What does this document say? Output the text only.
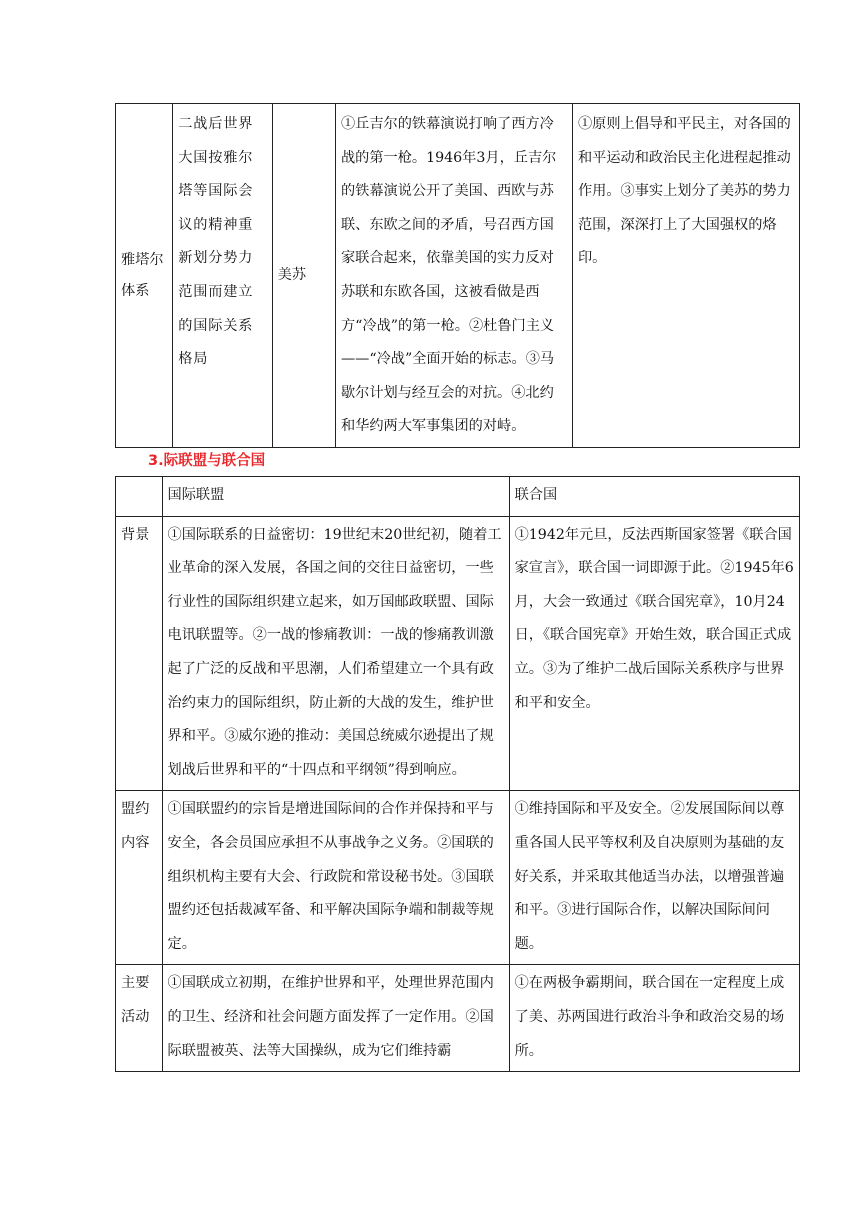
雅塔尔体系	二战后世界大国按雅尔塔等国际会议的精神重新划分势力范围而建立的国际关系格局	美苏	①丘吉尔的铁幕演说打响了西方冷战的第一枪。1946年3月，丘吉尔的铁幕演说公开了美国、西欧与苏联、东欧之间的矛盾，号召西方国家联合起来，依靠美国的实力反对苏联和东欧各国，这被看做是西方“冷战”的第一枪。②杜鲁门主义——“冷战”全面开始的标志。③马歇尔计划与经互会的对抗。④北约和华约两大军事集团的对峙。	①原则上倡导和平民主，对各国的和平运动和政治民主化进程起推动作用。③事实上划分了美苏的势力范围，深深打上了大国强权的烙印。
3.际联盟与联合国
	国际联盟	联合国
背景	①国际联系的日益密切：19世纪末20世纪初，随着工业革命的深入发展，各国之间的交往日益密切，一些行业性的国际组织建立起来，如万国邮政联盟、国际电讯联盟等。②一战的惨痛教训：一战的惨痛教训激起了广泛的反战和平思潮，人们希望建立一个具有政治约束力的国际组织，防止新的大战的发生，维护世界和平。③威尔逊的推动：美国总统威尔逊提出了规划战后世界和平的“十四点和平纲领”得到响应。	①1942年元旦，反法西斯国家签署《联合国家宣言》，联合国一词即源于此。②1945年6月，大会一致通过《联合国宪章》，10月24日，《联合国宪章》开始生效，联合国正式成立。③为了维护二战后国际关系秩序与世界和平和安全。
盟约内容	①国联盟约的宗旨是增进国际间的合作并保持和平与安全，各会员国应承担不从事战争之义务。②国联的组织机构主要有大会、行政院和常设秘书处。③国联盟约还包括裁减军备、和平解决国际争端和制裁等规定。	①维持国际和平及安全。②发展国际间以尊重各国人民平等权利及自决原则为基础的友好关系，并采取其他适当办法，以增强普遍和平。③进行国际合作，以解决国际间问题。
主要活动	①国联成立初期，在维护世界和平，处理世界范围内的卫生、经济和社会问题方面发挥了一定作用。②国际联盟被英、法等大国操纵，成为它们维持霸	①在两极争霸期间，联合国在一定程度上成了美、苏两国进行政治斗争和政治交易的场所。
